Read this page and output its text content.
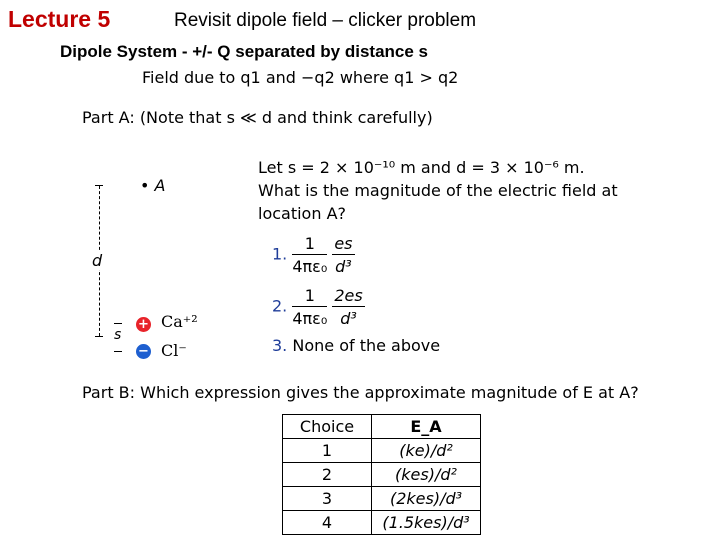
Lecture 5	Revisit dipole field – clicker problem
Dipole System - +/- Q separated by distance s
Field due to q1 and −q2 where q1 > q2
Part A: (Note that s ≪ d and think carefully)
Let s = 2 × 10⁻¹⁰ m and d = 3 × 10⁻⁶ m.
What is the magnitude of the electric field at
location A?
1. $\frac{1}{\text{4πε₀}}$
$\frac{es}{\text{d³}}$
2. $\frac{1}{\text{4πε₀}}$
$\frac{2es}{\text{d³}}$
3. None of the above
• A
d
s
+ Ca⁺²
− Cl⁻
Part B: Which expression gives the approximate magnitude of E at A?
Choice	E_A
1	(ke)/d²
2	(kes)/d²
3	(2kes)/d³
4	(1.5kes)/d³
